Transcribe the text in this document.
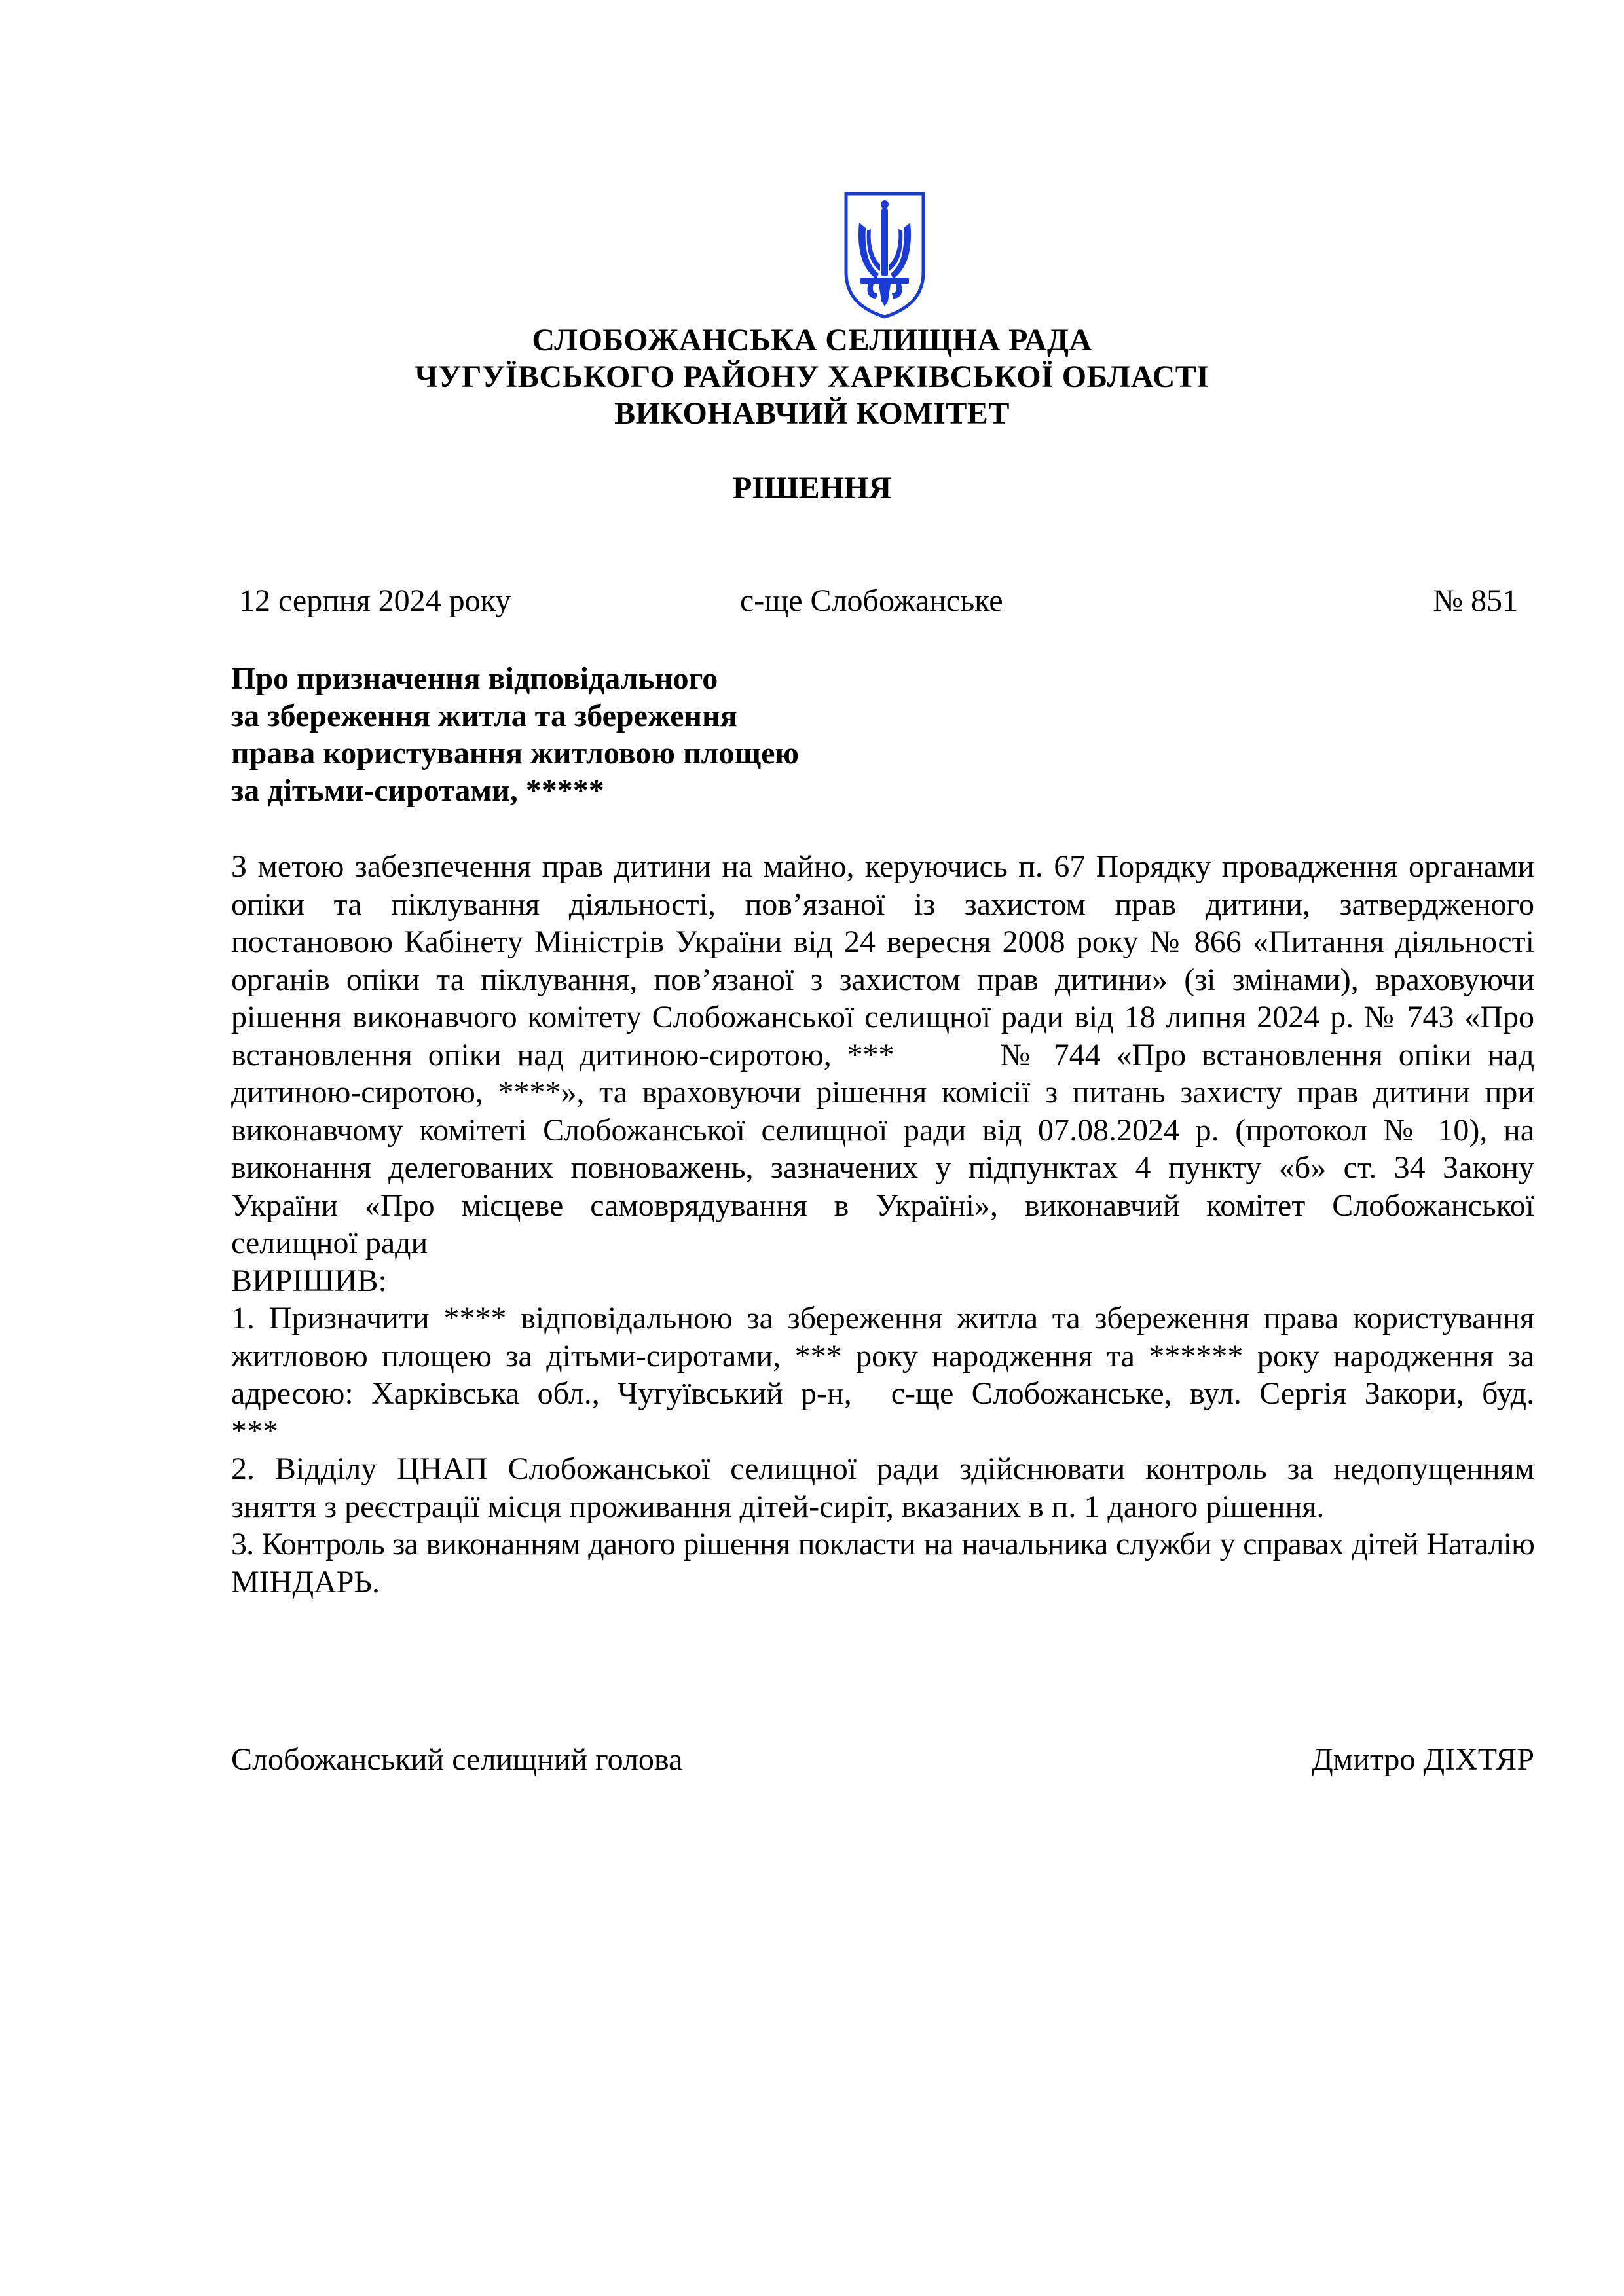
СЛОБОЖАНСЬКА СЕЛИЩНА РАДА
ЧУГУЇВСЬКОГО РАЙОНУ ХАРКІВСЬКОЇ ОБЛАСТІ
ВИКОНАВЧИЙ КОМІТЕТ
РІШЕННЯ
12 серпня 2024 року	с-ще Слобожанське	№ 851
Про призначення відповідального
за збереження житла та збереження
права користування житловою площею
за дітьми-сиротами, *****
З метою забезпечення прав дитини на майно, керуючись п. 67 Порядку провадження органами
опіки та піклування діяльності, пов’язаної із захистом прав дитини, затвердженого
постановою Кабінету Міністрів України від 24 вересня 2008 року № 866 «Питання діяльності
органів опіки та піклування, пов’язаної з захистом прав дитини» (зі змінами), враховуючи
рішення виконавчого комітету Слобожанської селищної ради від 18 липня 2024 р. № 743 «Про
встановлення опіки над дитиною-сиротою, ***	№ 744 «Про встановлення опіки над
дитиною-сиротою, ****», та враховуючи рішення комісії з питань захисту прав дитини при
виконавчому комітеті Слобожанської селищної ради від 07.08.2024 р. (протокол № 10), на
виконання делегованих повноважень, зазначених у підпунктах 4 пункту «б» ст. 34 Закону
України «Про місцеве самоврядування в Україні», виконавчий комітет Слобожанської
селищної ради
ВИРІШИВ:
1. Призначити **** відповідальною за збереження житла та збереження права користування
житловою площею за дітьми-сиротами, *** року народження та ****** року народження за
адресою: Харківська обл., Чугуївський р-н, с-ще Слобожанське, вул. Сергія Закори, буд.
***
2. Відділу ЦНАП Слобожанської селищної ради здійснювати контроль за недопущенням
зняття з реєстрації місця проживання дітей-сиріт, вказаних в п. 1 даного рішення.
3. Контроль за виконанням даного рішення покласти на начальника служби у справах дітей Наталію
МІНДАРЬ.
Слобожанський селищний голова	Дмитро ДІХТЯР
